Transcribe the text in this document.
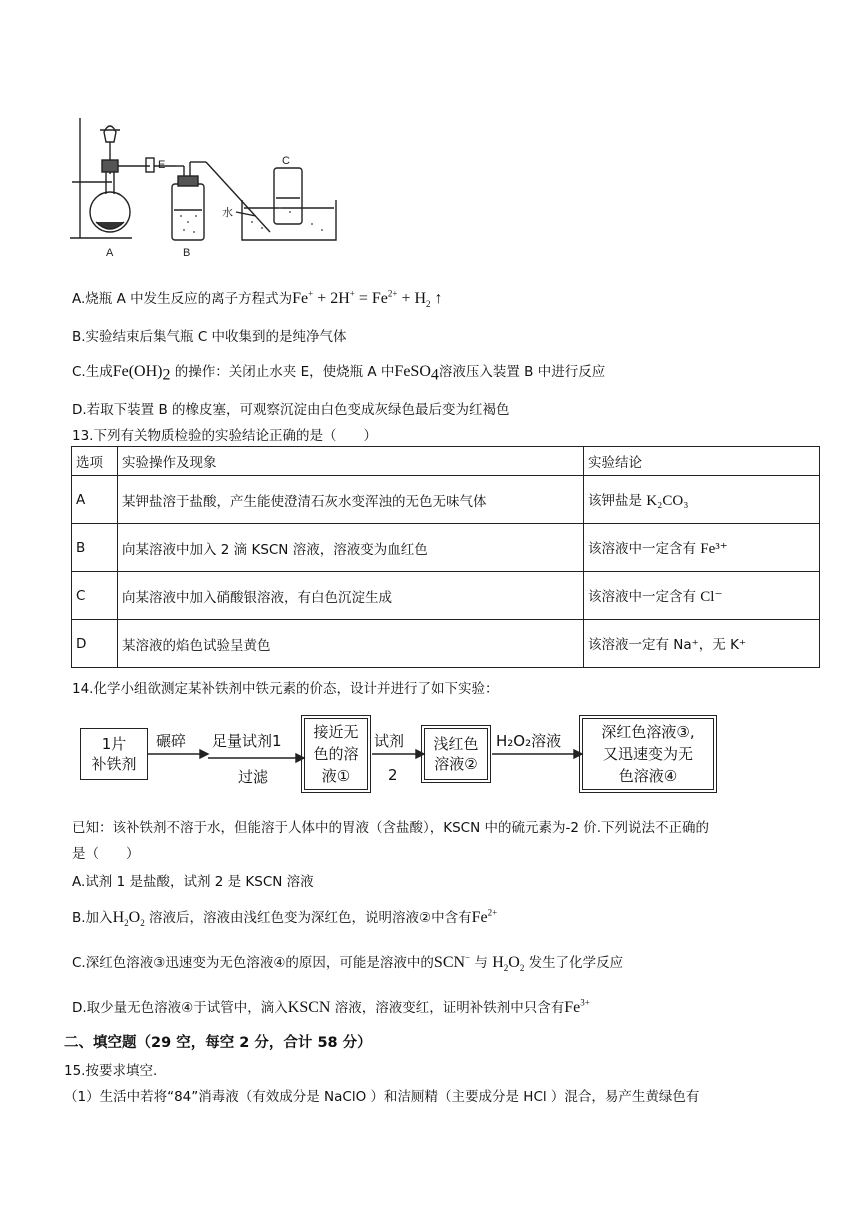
A	B
C
E
水
A.烧瓶 A 中发生反应的离子方程式为$Fe^+ + 2H^+ = Fe^{2+} + H_2$ ↑
B.实验结束后集气瓶 C 中收集到的是纯净气体
C.生成$Fe(OH)_2$ 的操作：关闭止水夹 E，使烧瓶 A 中FeSO$_4$溶液压入装置 B 中进行反应
D.若取下装置 B 的橡皮塞，可观察沉淀由白色变成灰绿色最后变为红褐色
13.下列有关物质检验的实验结论正确的是（　　）
选项	实验操作及现象	实验结论
A	某钾盐溶于盐酸，产生能使澄清石灰水变浑浊的无色无味气体	该钾盐是 K₂CO₃
B	向某溶液中加入 2 滴 KSCN 溶液，溶液变为血红色	该溶液中一定含有 Fe³⁺
C	向某溶液中加入硝酸银溶液，有白色沉淀生成	该溶液中一定含有 Cl⁻
D	某溶液的焰色试验呈黄色	该溶液一定有 Na⁺，无 K⁺
14.化学小组欲测定某补铁剂中铁元素的价态，设计并进行了如下实验：
1片
补铁剂
碾碎 足量试剂1
过滤
接近无
色的溶
液①
试剂
2
浅红色
溶液②
H₂O₂溶液	深红色溶液③,
又迅速变为无
色溶液④
已知：该补铁剂不溶于水，但能溶于人体中的胃液（含盐酸），KSCN 中的硫元素为-2 价.下列说法不正确的
是（　　）
A.试剂 1 是盐酸，试剂 2 是 KSCN 溶液
B.加入$H_2O_2$ 溶液后，溶液由浅红色变为深红色，说明溶液②中含有$Fe^{2+}$
C.深红色溶液③迅速变为无色溶液④的原因，可能是溶液中的SCN− 与 $H_2O_2$ 发生了化学反应
D.取少量无色溶液④于试管中，滴入KSCN 溶液，溶液变红，证明补铁剂中只含有$Fe^{3+}$
二、填空题（29 空，每空 2 分，合计 58 分）
15.按要求填空.
（1）生活中若将“84”消毒液（有效成分是 NaClO ）和洁厕精（主要成分是 HCl ）混合，易产生黄绿色有
